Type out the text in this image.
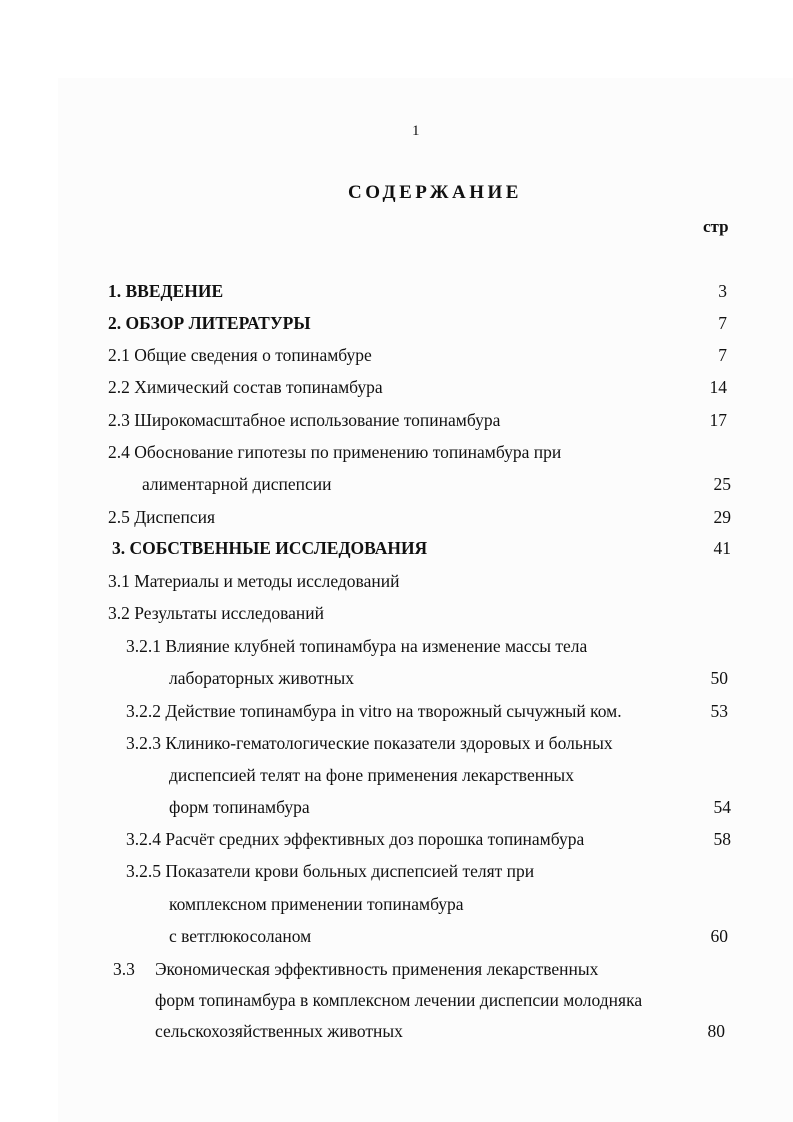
1
СОДЕРЖАНИЕ
стр
1. ВВЕДЕНИЕ	3
2. ОБЗОР ЛИТЕРАТУРЫ	7
2.1 Общие сведения о топинамбуре	7
2.2 Химический состав топинамбура	14
2.3 Широкомасштабное использование топинамбура	17
2.4 Обоснование гипотезы по применению топинамбура при
алиментарной диспепсии	25
2.5 Диспепсия	29
3. СОБСТВЕННЫЕ ИССЛЕДОВАНИЯ	41
3.1 Материалы и методы исследований
3.2 Результаты исследований
3.2.1 Влияние клубней топинамбура на изменение массы тела
лабораторных животных	50
3.2.2 Действие топинамбура in vitro на творожный сычужный ком.	53
3.2.3 Клинико-гематологические показатели здоровых и больных
диспепсией телят на фоне применения лекарственных
форм топинамбура	54
3.2.4 Расчёт средних эффективных доз порошка топинамбура	58
3.2.5 Показатели крови больных диспепсией телят при
комплексном применении топинамбура
с ветглюкосоланом	60
3.3 Экономическая эффективность применения лекарственных
форм топинамбура в комплексном лечении диспепсии молодняка
сельскохозяйственных животных	80
